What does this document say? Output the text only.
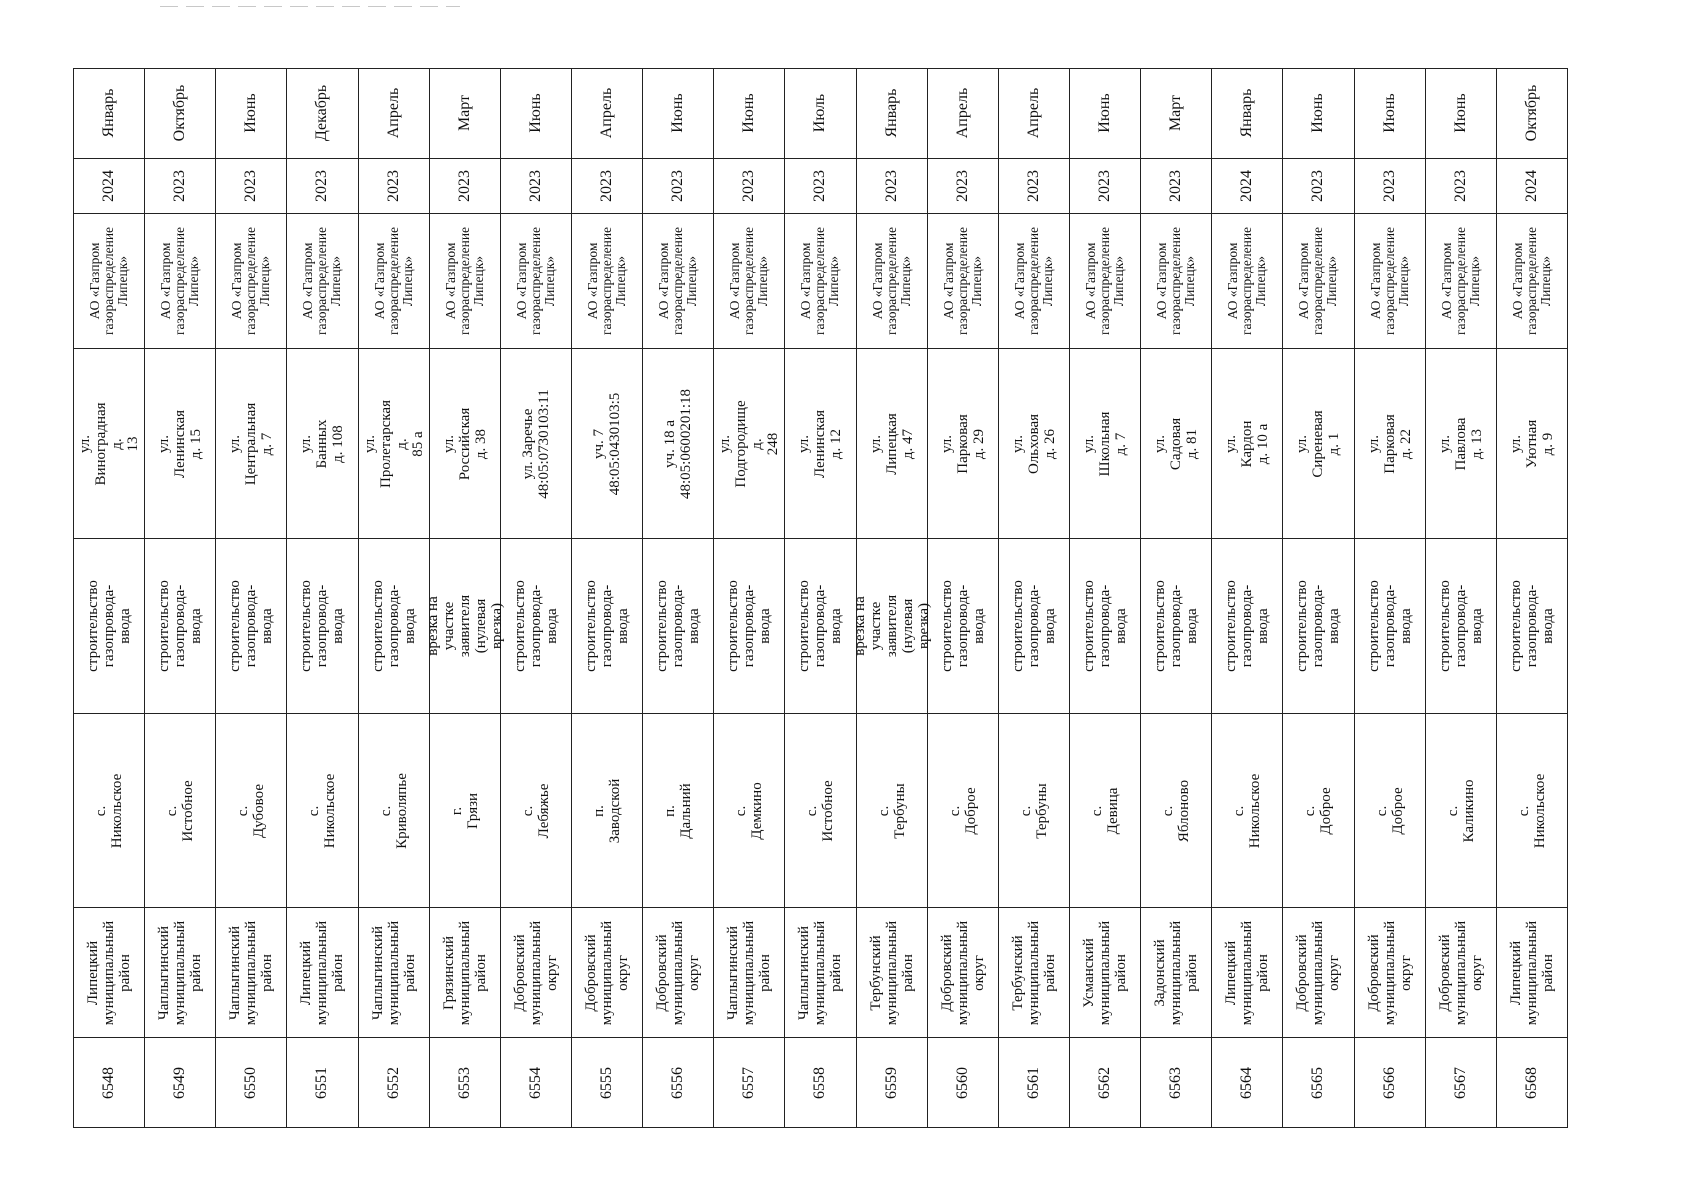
6548
Липецкий
муниципальный
район
с. Никольское
строительство
газопровода-ввода
ул. Виноградная д.
13
АО «Газпром
газораспределение
Липецк»
2024
Январь
6549
Чаплыгинский
муниципальный
район
с. Истобное
строительство
газопровода-ввода
ул. Ленинская д. 15
АО «Газпром
газораспределение
Липецк»
2023
Октябрь
6550
Чаплыгинский
муниципальный
район
с. Дубовое
строительство
газопровода-ввода
ул. Центральная д. 7
АО «Газпром
газораспределение
Липецк»
2023
Июнь
6551
Липецкий
муниципальный
район
с. Никольское
строительство
газопровода-ввода
ул. Банных д. 108
АО «Газпром
газораспределение
Липецк»
2023
Декабрь
6552
Чаплыгинский
муниципальный
район
с. Криволяпье
строительство
газопровода-ввода
ул. Пролетарская д.
85 а
АО «Газпром
газораспределение
Липецк»
2023
Апрель
6553
Грязинский
муниципальный
район
г. Грязи
врезка на участке
заявителя (нулевая
врезка)
ул. Российская д. 38
АО «Газпром
газораспределение
Липецк»
2023
Март
6554
Добровский
муниципальный
округ
с. Лебяжье
строительство
газопровода-ввода
ул. Заречье
48:05:0730103:11
АО «Газпром
газораспределение
Липецк»
2023
Июнь
6555
Добровский
муниципальный
округ
п. Заводской
строительство
газопровода-ввода
уч. 7
48:05:0430103:5
АО «Газпром
газораспределение
Липецк»
2023
Апрель
6556
Добровский
муниципальный
округ
п. Дальний
строительство
газопровода-ввода
уч. 18 а
48:05:0600201:18
АО «Газпром
газораспределение
Липецк»
2023
Июнь
6557
Чаплыгинский
муниципальный
район
с. Демкино
строительство
газопровода-ввода
ул. Подгородище д.
248
АО «Газпром
газораспределение
Липецк»
2023
Июнь
6558
Чаплыгинский
муниципальный
район
с. Истобное
строительство
газопровода-ввода
ул. Ленинская д. 12
АО «Газпром
газораспределение
Липецк»
2023
Июль
6559
Тербунский
муниципальный
район
с. Тербуны
врезка на участке
заявителя (нулевая
врезка)
ул. Липецкая д. 47
АО «Газпром
газораспределение
Липецк»
2023
Январь
6560
Добровский
муниципальный
округ
с. Доброе
строительство
газопровода-ввода
ул. Парковая д. 29
АО «Газпром
газораспределение
Липецк»
2023
Апрель
6561
Тербунский
муниципальный
район
с. Тербуны
строительство
газопровода-ввода
ул. Ольховая д. 26
АО «Газпром
газораспределение
Липецк»
2023
Апрель
6562
Усманский
муниципальный
район
с. Девица
строительство
газопровода-ввода
ул. Школьная д. 7
АО «Газпром
газораспределение
Липецк»
2023
Июнь
6563
Задонский
муниципальный
район
с. Яблоново
строительство
газопровода-ввода
ул. Садовая д. 81
АО «Газпром
газораспределение
Липецк»
2023
Март
6564
Липецкий
муниципальный
район
с. Никольское
строительство
газопровода-ввода
ул. Кардон д. 10 а
АО «Газпром
газораспределение
Липецк»
2024
Январь
6565
Добровский
муниципальный
округ
с. Доброе
строительство
газопровода-ввода
ул. Сиреневая д. 1
АО «Газпром
газораспределение
Липецк»
2023
Июнь
6566
Добровский
муниципальный
округ
с. Доброе
строительство
газопровода-ввода
ул. Парковая д. 22
АО «Газпром
газораспределение
Липецк»
2023
Июнь
6567
Добровский
муниципальный
округ
с. Каликино
строительство
газопровода-ввода
ул. Павлова д. 13
АО «Газпром
газораспределение
Липецк»
2023
Июнь
6568
Липецкий
муниципальный
район
с. Никольское
строительство
газопровода-ввода
ул. Уютная д. 9
АО «Газпром
газораспределение
Липецк»
2024
Октябрь
